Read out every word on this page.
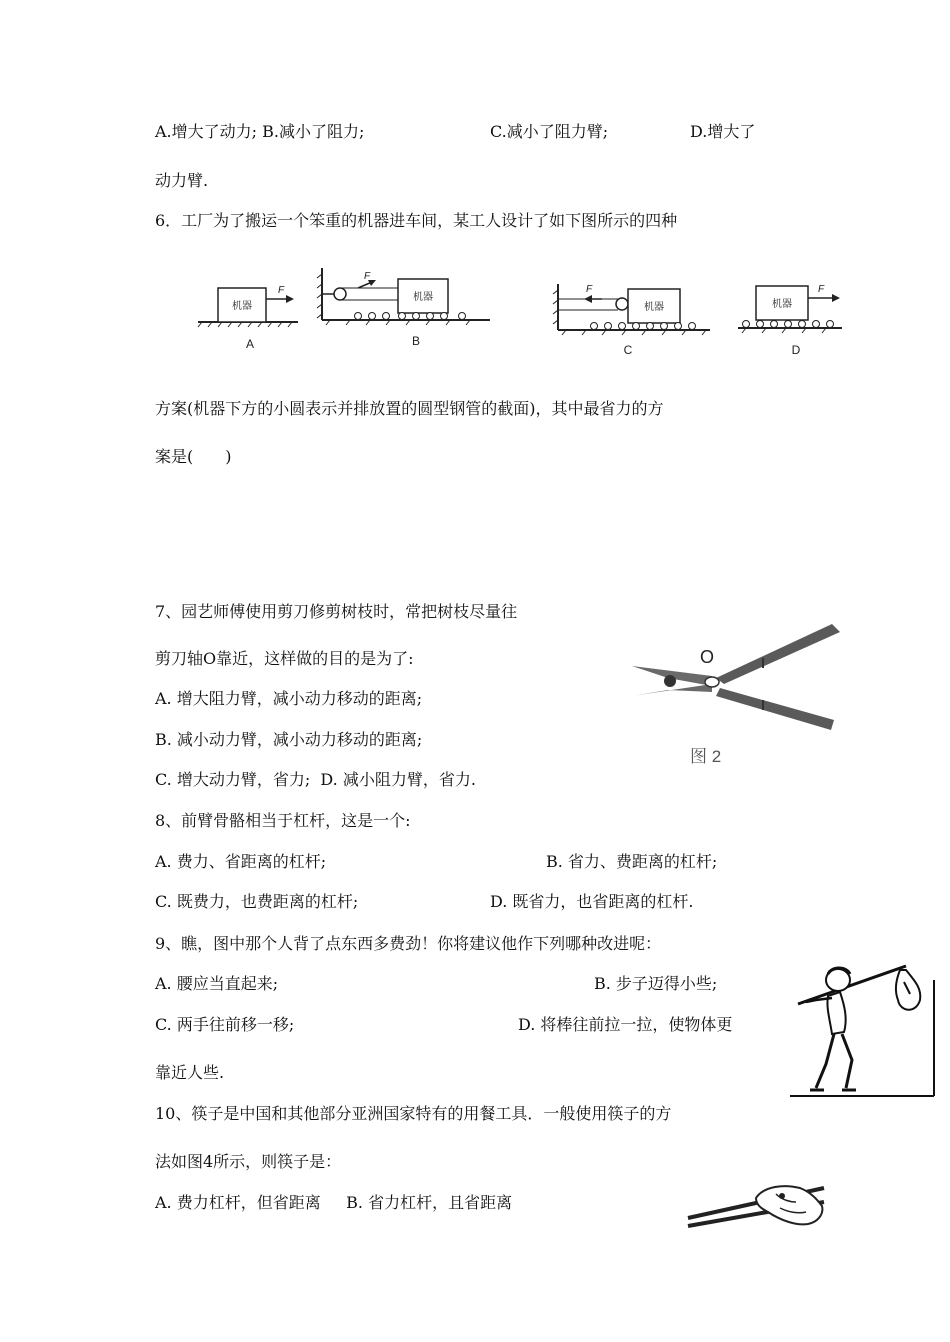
A.增大了动力; B.减小了阻力;	C.减小了阻力臂;	D.增大了
动力臂.
6．工厂为了搬运一个笨重的机器进车间，某工人设计了如下图所示的四种
机器
F
A
F
机器
B
F
机器
C
机器
F
D
方案(机器下方的小圆表示并排放置的圆型钢管的截面)，其中最省力的方
案是(　　)
7、园艺师傅使用剪刀修剪树枝时，常把树枝尽量往
剪刀轴O靠近，这样做的目的是为了:
A. 增大阻力臂，减小动力移动的距离;
B. 减小动力臂，减小动力移动的距离;
C. 增大动力臂，省力; D. 减小阻力臂，省力.
O
图 2
8、前臂骨骼相当于杠杆，这是一个:
A. 费力、省距离的杠杆;	B. 省力、费距离的杠杆;
C. 既费力，也费距离的杠杆;	D. 既省力，也省距离的杠杆.
9、瞧，图中那个人背了点东西多费劲！你将建议他作下列哪种改进呢：
A. 腰应当直起来;	B. 步子迈得小些;
C. 两手往前移一移;	D. 将棒往前拉一拉，使物体更
靠近人些.
10、筷子是中国和其他部分亚洲国家特有的用餐工具．一般使用筷子的方
法如图4所示，则筷子是：
A. 费力杠杆，但省距离 B. 省力杠杆，且省距离
